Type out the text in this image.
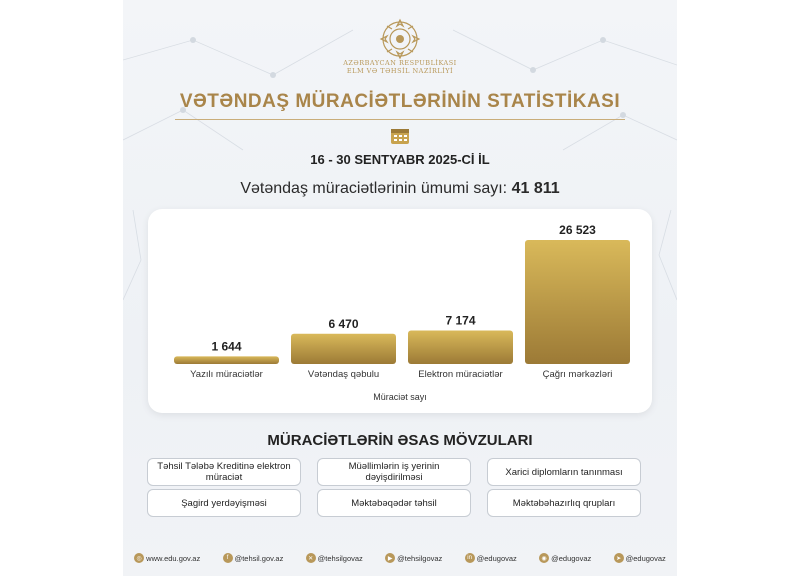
AZƏRBAYCAN RESPUBLİKASI
ELM VƏ TƏHSİL NAZİRLİYİ
VƏTƏNDAŞ MÜRACİƏTLƏRİNİN STATİSTİKASI
16 - 30 SENTYABR 2025-Cİ İL
Vətəndaş müraciətlərinin ümumi sayı: 41 811
1 644
Yazılı müraciətlər
6 470
Vətəndaş qəbulu
7 174
Elektron müraciətlər
26 523
Çağrı mərkəzləri
Müraciət sayı
MÜRACİƏTLƏRİN ƏSAS MÖVZULARI
Təhsil Tələbə Kreditinə elektron müraciət
Müəllimlərin iş yerinin dəyişdirilməsi	Xarici diplomların tanınması
Şagird yerdəyişməsi	Məktəbəqədər təhsil	Məktəbəhazırlıq qrupları
◎ www.edu.gov.az	f @tehsil.gov.az	✕ @tehsilgovaz	▶ @tehsilgovaz	in @edugovaz	◉ @edugovaz	➤ @edugovaz
